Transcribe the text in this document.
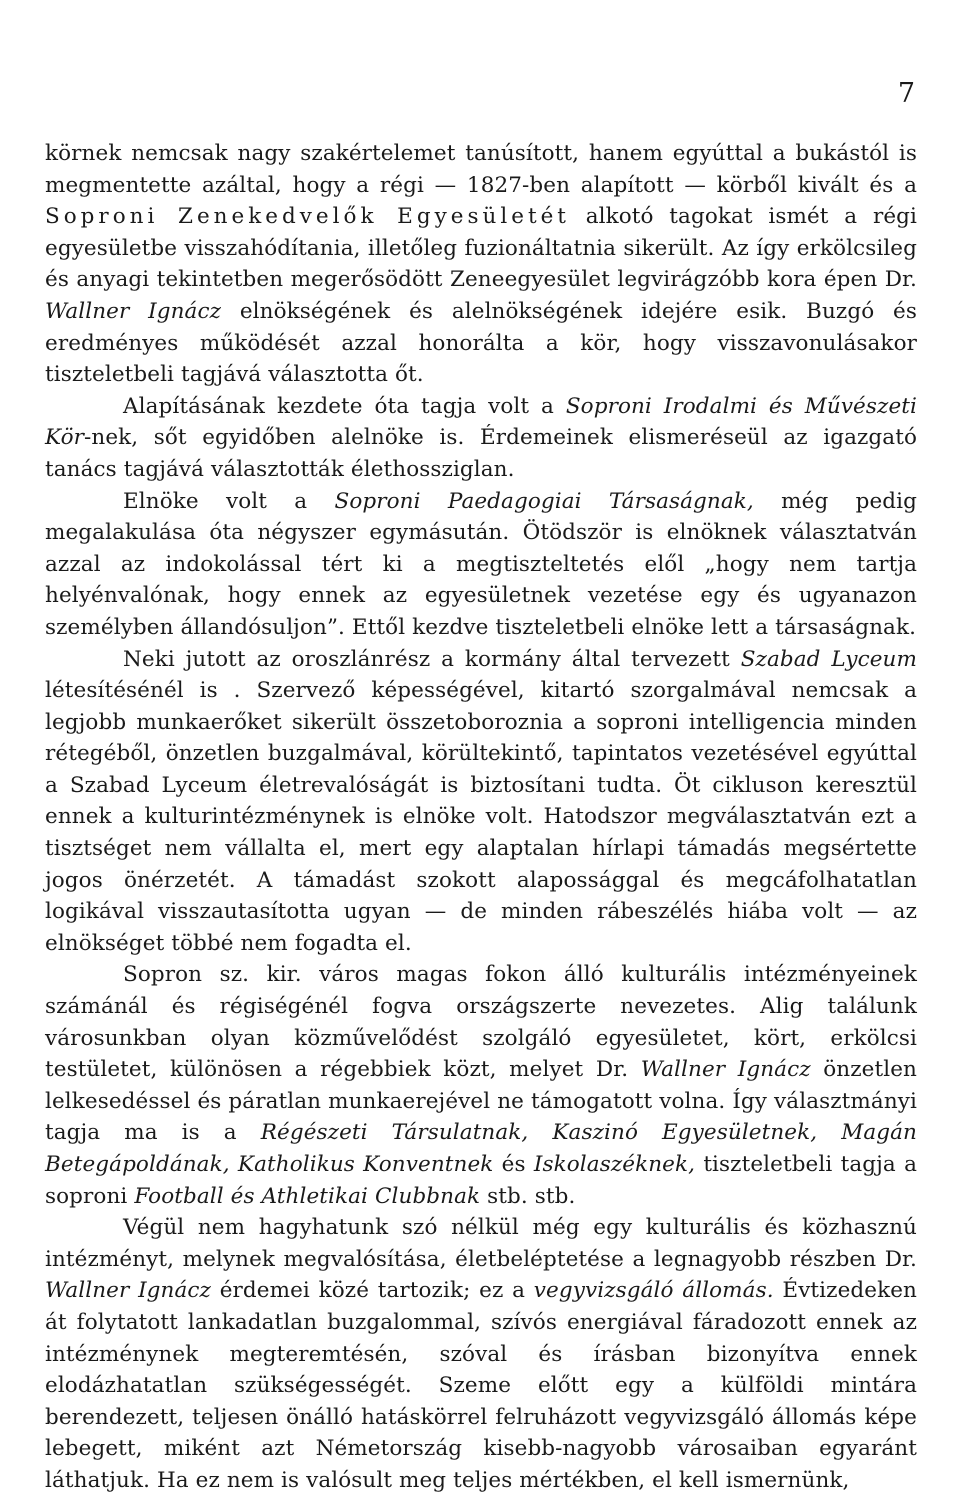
7

körnek nemcsak nagy szakértelemet tanúsított, hanem egyúttal a bukástól is megmentette azáltal, hogy a régi — 1827-ben alapított — körből kivált és a Soproni Zenekedvelők Egyesületét alkotó tagokat ismét a régi egyesületbe visszahódítania, illetőleg fuzionáltatnia sikerült. Az így erkölcsileg és anyagi tekintetben megerősödött Zeneegyesület legvirágzóbb kora épen Dr. Wallner Ignácz elnökségének és alelnökségének idejére esik. Buzgó és eredményes működését azzal honorálta a kör, hogy visszavonulásakor tiszteletbeli tagjává választotta őt.

Alapításának kezdete óta tagja volt a Soproni Irodalmi és Művészeti Kör-nek, sőt egyidőben alelnöke is. Érdemeinek elismeréseül az igazgató tanács tagjává választották élethossziglan.

Elnöke volt a Soproni Paedagogiai Társaságnak, még pedig megalakulása óta négyszer egymásután. Ötödször is elnöknek választatván azzal az indokolással tért ki a megtiszteltetés elől „hogy nem tartja helyénvalónak, hogy ennek az egyesületnek vezetése egy és ugyanazon személyben állandósuljon”. Ettől kezdve tiszteletbeli elnöke lett a társaságnak.

Neki jutott az oroszlánrész a kormány által tervezett Szabad Lyceum létesítésénél is . Szervező képességével, kitartó szorgalmával nemcsak a legjobb munkaerőket sikerült összetoboroznia a soproni intelligencia minden rétegéből, önzetlen buzgalmával, körültekintő, tapintatos vezetésével egyúttal a Szabad Lyceum életrevalóságát is biztosítani tudta. Öt cikluson keresztül ennek a kulturintézménynek is elnöke volt. Hatodszor megválasztatván ezt a tisztséget nem vállalta el, mert egy alaptalan hírlapi támadás megsértette jogos önérzetét. A támadást szokott alapossággal és megcáfolhatatlan logikával visszautasította ugyan — de minden rábeszélés hiába volt — az elnökséget többé nem fogadta el.

Sopron sz. kir. város magas fokon álló kulturális intézményeinek számánál és régiségénél fogva országszerte nevezetes. Alig találunk városunkban olyan közművelődést szolgáló egyesületet, kört, erkölcsi testületet, különösen a régebbiek közt, melyet Dr. Wallner Ignácz önzetlen lelkesedéssel és páratlan munkaerejével ne támogatott volna. Így választmányi tagja ma is a Régészeti Társulatnak, Kaszinó Egyesületnek, Magán Betegápoldának, Katholikus Konventnek és Iskolaszéknek, tiszteletbeli tagja a soproni Football és Athletikai Clubbnak stb. stb.

Végül nem hagyhatunk szó nélkül még egy kulturális és közhasznú intézményt, melynek megvalósítása, életbeléptetése a legnagyobb részben Dr. Wallner Ignácz érdemei közé tartozik; ez a vegyvizsgáló állomás. Évtizedeken át folytatott lankadatlan buzgalommal, szívós energiával fáradozott ennek az intézménynek megteremtésén, szóval és írásban bizonyítva ennek elodázhatatlan szükségességét. Szeme előtt egy a külföldi mintára berendezett, teljesen önálló hatáskörrel felruházott vegyvizsgáló állomás képe lebegett, miként azt Németország kisebb-nagyobb városaiban egyaránt láthatjuk. Ha ez nem is valósult meg teljes mértékben, el kell ismernünk,
